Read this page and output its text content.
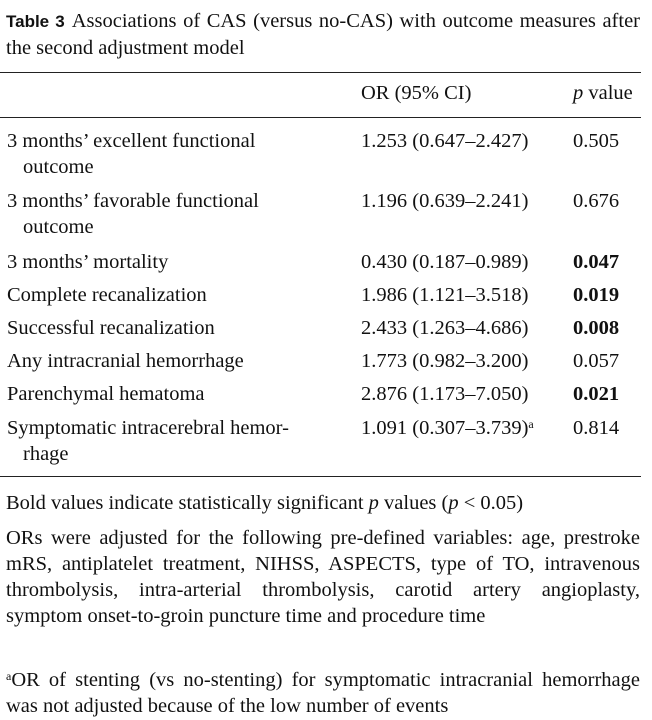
Table 3 Associations of CAS (versus no-CAS) with outcome measures after the second adjustment model
OR (95% CI)	p value
3 months’ excellent functional
outcome
1.253 (0.647–2.427) 0.505
3 months’ favorable functional
outcome
1.196 (0.639–2.241) 0.676
3 months’ mortality	0.430 (0.187–0.989) 0.047
Complete recanalization	1.986 (1.121–3.518) 0.019
Successful recanalization	2.433 (1.263–4.686) 0.008
Any intracranial hemorrhage	1.773 (0.982–3.200) 0.057
Parenchymal hematoma	2.876 (1.173–7.050) 0.021
Symptomatic intracerebral hemor-
rhage
1.091 $(0.307-3.739)^a$ 0.814
Bold values indicate statistically significant p values (p < 0.05)
ORs were adjusted for the following pre-defined variables: age, prestroke mRS, antiplatelet treatment, NIHSS, ASPECTS, type of TO, intravenous thrombolysis, intra-arterial thrombolysis, carotid artery angioplasty, symptom onset-to-groin puncture time and procedure time
$^a$OR of stenting (vs no-stenting) for symptomatic intracranial hemorrhage was not adjusted because of the low number of events
